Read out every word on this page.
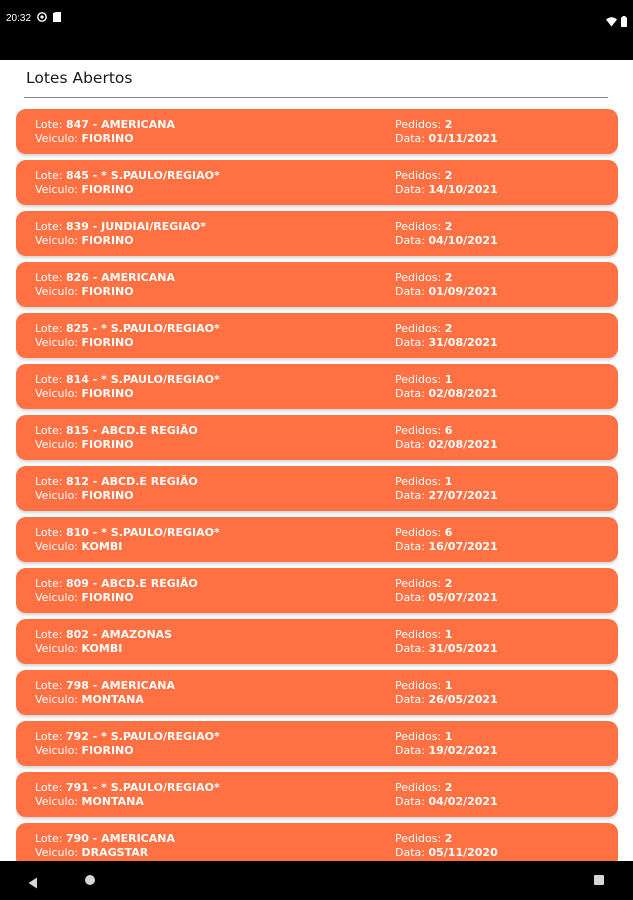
20:32
Lotes Abertos
Lote: 847 - AMERICANA
Veiculo: FIORINO
Pedidos: 2
Data: 01/11/2021
Lote: 845 - * S.PAULO/REGIAO*
Veiculo: FIORINO
Pedidos: 2
Data: 14/10/2021
Lote: 839 - JUNDIAI/REGIAO*
Veiculo: FIORINO
Pedidos: 2
Data: 04/10/2021
Lote: 826 - AMERICANA
Veiculo: FIORINO
Pedidos: 2
Data: 01/09/2021
Lote: 825 - * S.PAULO/REGIAO*
Veiculo: FIORINO
Pedidos: 2
Data: 31/08/2021
Lote: 814 - * S.PAULO/REGIAO*
Veiculo: FIORINO
Pedidos: 1
Data: 02/08/2021
Lote: 815 - ABCD.E REGIÃO
Veiculo: FIORINO
Pedidos: 6
Data: 02/08/2021
Lote: 812 - ABCD.E REGIÃO
Veiculo: FIORINO
Pedidos: 1
Data: 27/07/2021
Lote: 810 - * S.PAULO/REGIAO*
Veiculo: KOMBI
Pedidos: 6
Data: 16/07/2021
Lote: 809 - ABCD.E REGIÃO
Veiculo: FIORINO
Pedidos: 2
Data: 05/07/2021
Lote: 802 - AMAZONAS
Veiculo: KOMBI
Pedidos: 1
Data: 31/05/2021
Lote: 798 - AMERICANA
Veiculo: MONTANA
Pedidos: 1
Data: 26/05/2021
Lote: 792 - * S.PAULO/REGIAO*
Veiculo: FIORINO
Pedidos: 1
Data: 19/02/2021
Lote: 791 - * S.PAULO/REGIAO*
Veiculo: MONTANA
Pedidos: 2
Data: 04/02/2021
Lote: 790 - AMERICANA
Veiculo: DRAGSTAR
Pedidos: 2
Data: 05/11/2020
